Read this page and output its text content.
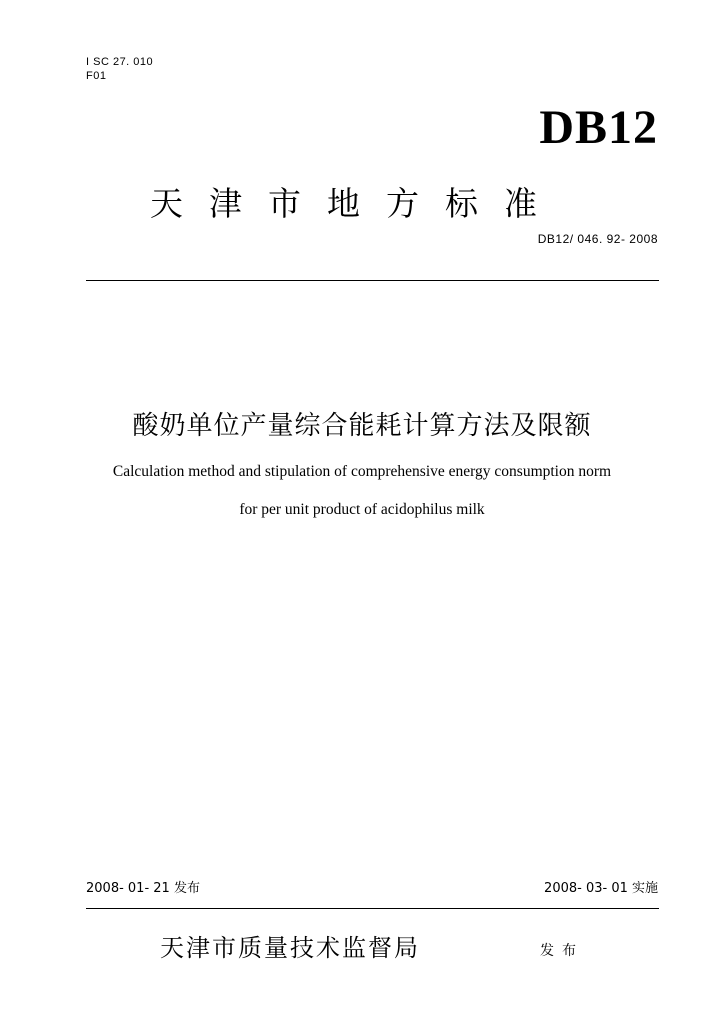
I SC 27. 010
F01
DB12
天津市地方标准
DB12/ 046. 92- 2008
酸奶单位产量综合能耗计算方法及限额
Calculation method and stipulation of comprehensive energy consumption norm
for per unit product of acidophilus milk
2008- 01- 21 发布	2008- 03- 01 实施
天津市质量技术监督局	发布
